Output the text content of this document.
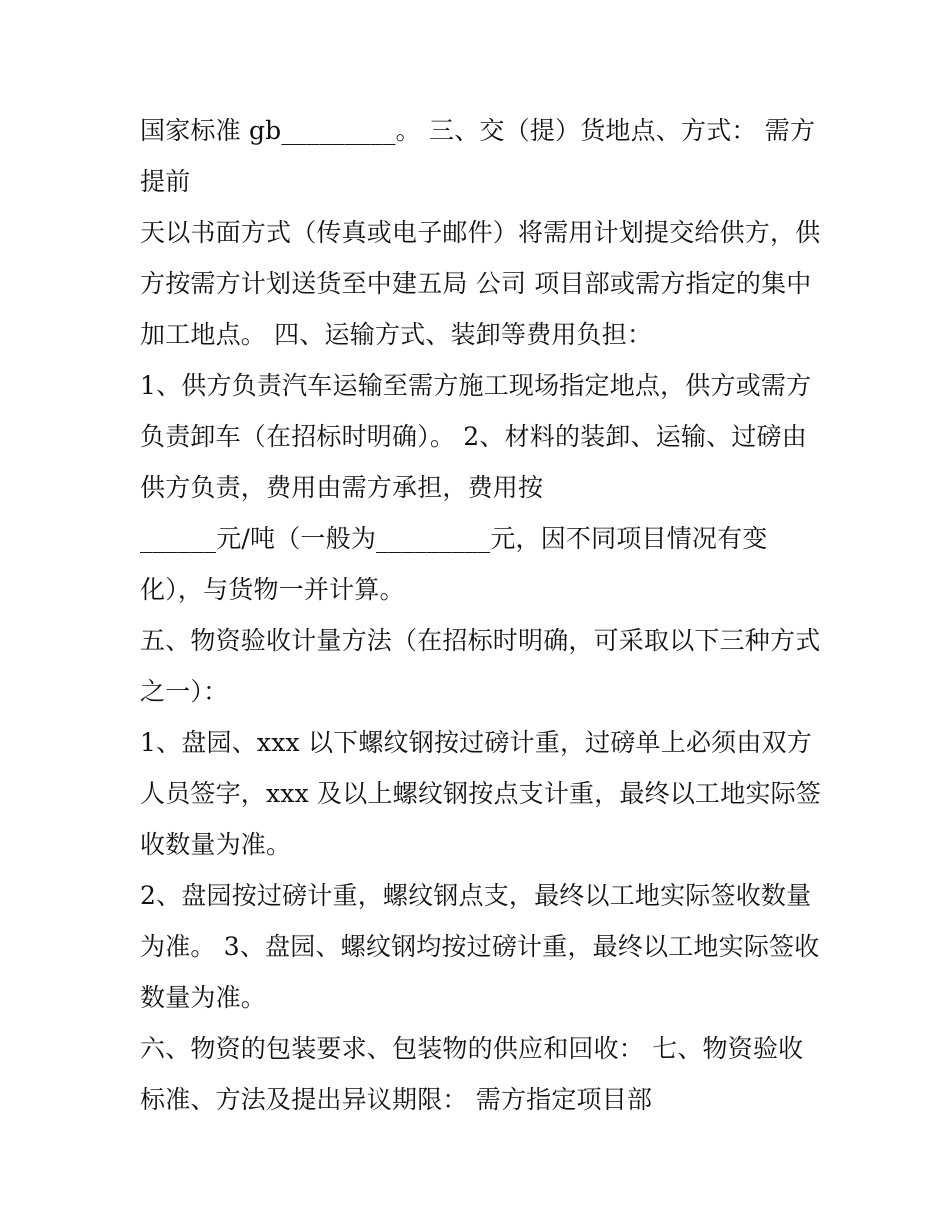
国家标准 gb_________。 三、交（提）货地点、方式： 需方
提前
天以书面方式（传真或电子邮件）将需用计划提交给供方，供
方按需方计划送货至中建五局 公司 项目部或需方指定的集中
加工地点。 四、运输方式、装卸等费用负担：
1、供方负责汽车运输至需方施工现场指定地点，供方或需方
负责卸车（在招标时明确）。 2、材料的装卸、运输、过磅由
供方负责，费用由需方承担，费用按
______元/吨（一般为_________元，因不同项目情况有变
化），与货物一并计算。
五、物资验收计量方法（在招标时明确，可采取以下三种方式
之一）：
1、盘园、xxx 以下螺纹钢按过磅计重，过磅单上必须由双方
人员签字，xxx 及以上螺纹钢按点支计重，最终以工地实际签
收数量为准。
2、盘园按过磅计重，螺纹钢点支，最终以工地实际签收数量
为准。 3、盘园、螺纹钢均按过磅计重，最终以工地实际签收
数量为准。
六、物资的包装要求、包装物的供应和回收： 七、物资验收
标准、方法及提出异议期限： 需方指定项目部
